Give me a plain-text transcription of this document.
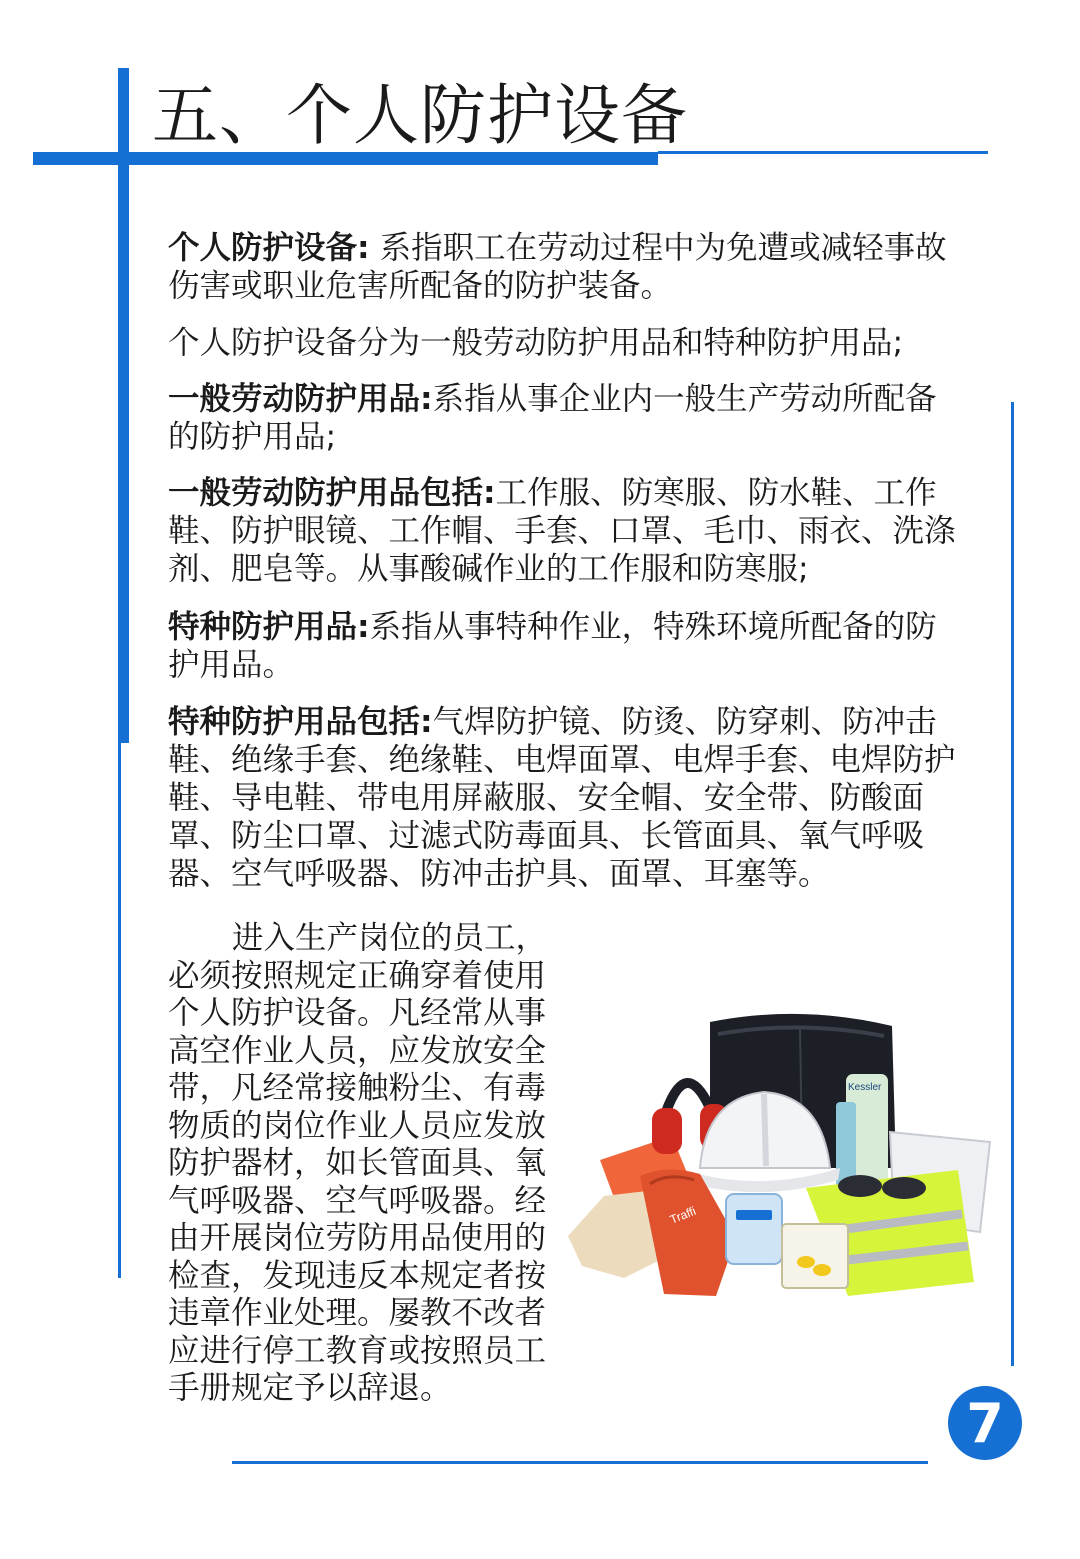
五、个人防护设备

个人防护设备: 系指职工在劳动过程中为免遭或减轻事故伤害或职业危害所配备的防护装备。

个人防护设备分为一般劳动防护用品和特种防护用品;

一般劳动防护用品:系指从事企业内一般生产劳动所配备的防护用品;

一般劳动防护用品包括:工作服、防寒服、防水鞋、工作鞋、防护眼镜、工作帽、手套、口罩、毛巾、雨衣、洗涤剂、肥皂等。从事酸碱作业的工作服和防寒服;

特种防护用品:系指从事特种作业，特殊环境所配备的防护用品。

特种防护用品包括:气焊防护镜、防烫、防穿刺、防冲击鞋、绝缘手套、绝缘鞋、电焊面罩、电焊手套、电焊防护鞋、导电鞋、带电用屏蔽服、安全帽、安全带、防酸面罩、防尘口罩、过滤式防毒面具、长管面具、氧气呼吸器、空气呼吸器、防冲击护具、面罩、耳塞等。

进入生产岗位的员工，必须按照规定正确穿着使用个人防护设备。凡经常从事高空作业人员，应发放安全带，凡经常接触粉尘、有毒物质的岗位作业人员应发放防护器材，如长管面具、氧气呼吸器、空气呼吸器。经由开展岗位劳防用品使用的检查，发现违反本规定者按违章作业处理。屡教不改者应进行停工教育或按照员工手册规定予以辞退。

Kessler
Traffi
7
